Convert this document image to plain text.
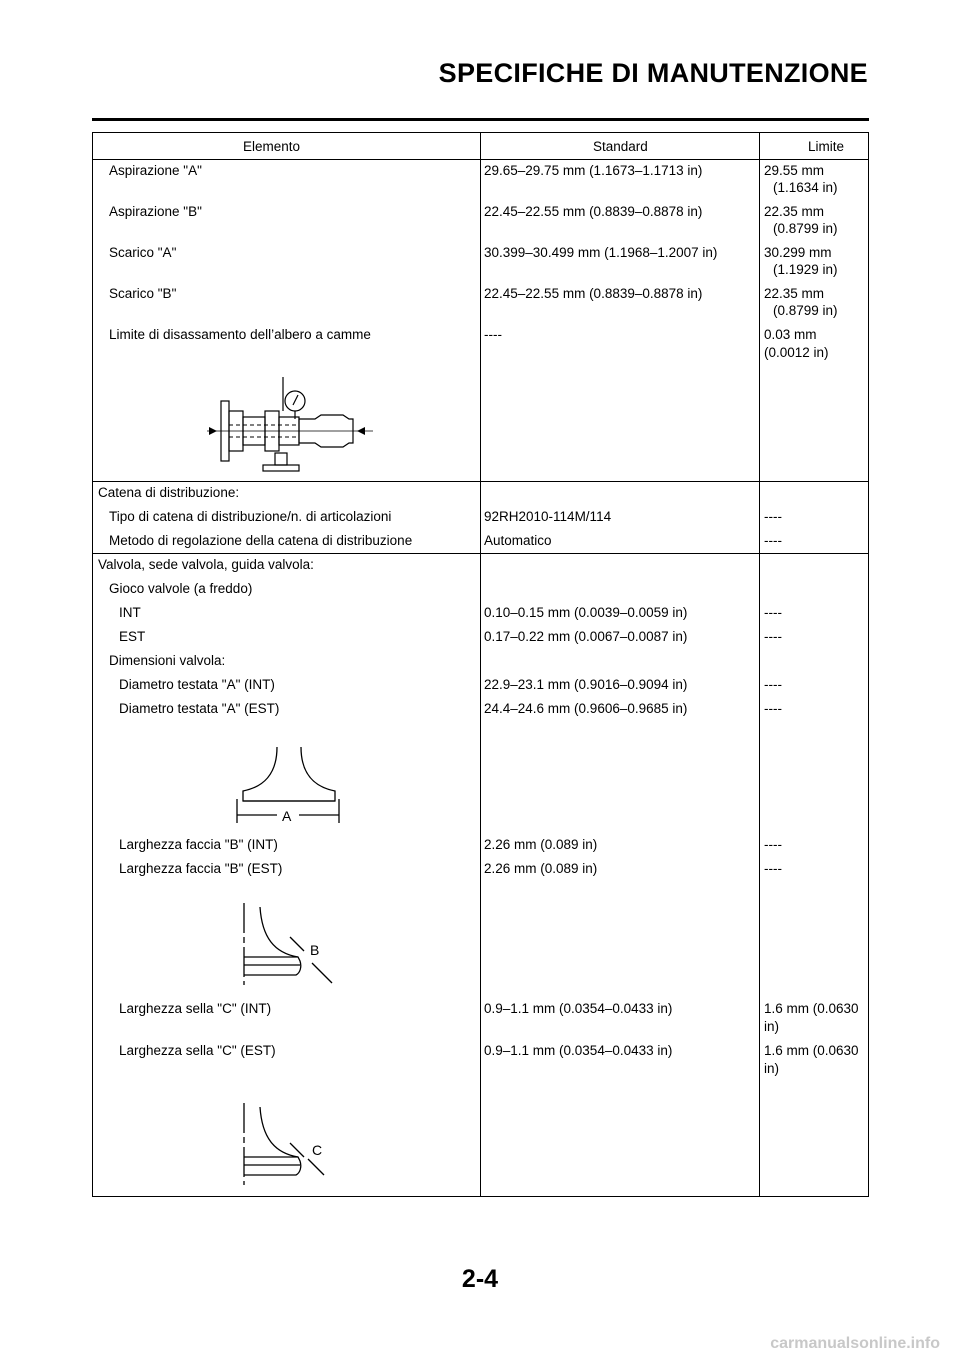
SPECIFICHE DI MANUTENZIONE
Elemento	Standard	Limite
Aspirazione "A"	29.65–29.75 mm (1.1673–1.1713 in)	29.55 mm
(1.1634 in)
Aspirazione "B"	22.45–22.55 mm (0.8839–0.8878 in)	22.35 mm
(0.8799 in)
Scarico "A"	30.399–30.499 mm (1.1968–1.2007 in)	30.299 mm
(1.1929 in)
Scarico "B"	22.45–22.55 mm (0.8839–0.8878 in)	22.35 mm
(0.8799 in)
Limite di disassamento dell’albero a camme	----	0.03 mm
(0.0012 in)
Catena di distribuzione:
Tipo di catena di distribuzione/n. di articolazioni	92RH2010-114M/114	----
Metodo di regolazione della catena di distribuzione	Automatico	----
Valvola, sede valvola, guida valvola:
Gioco valvole (a freddo)
INT	0.10–0.15 mm (0.0039–0.0059 in)	----
EST	0.17–0.22 mm (0.0067–0.0087 in)	----
Dimensioni valvola:
Diametro testata "A" (INT)	22.9–23.1 mm (0.9016–0.9094 in)	----
Diametro testata "A" (EST)	24.4–24.6 mm (0.9606–0.9685 in)	----
A
Larghezza faccia "B" (INT)	2.26 mm (0.089 in)	----
Larghezza faccia "B" (EST)	2.26 mm (0.089 in)	----
B
Larghezza sella "C" (INT)	0.9–1.1 mm (0.0354–0.0433 in)	1.6 mm (0.0630
in)
Larghezza sella "C" (EST)	0.9–1.1 mm (0.0354–0.0433 in)	1.6 mm (0.0630
in)
C
2-4
carmanualsonline.info
